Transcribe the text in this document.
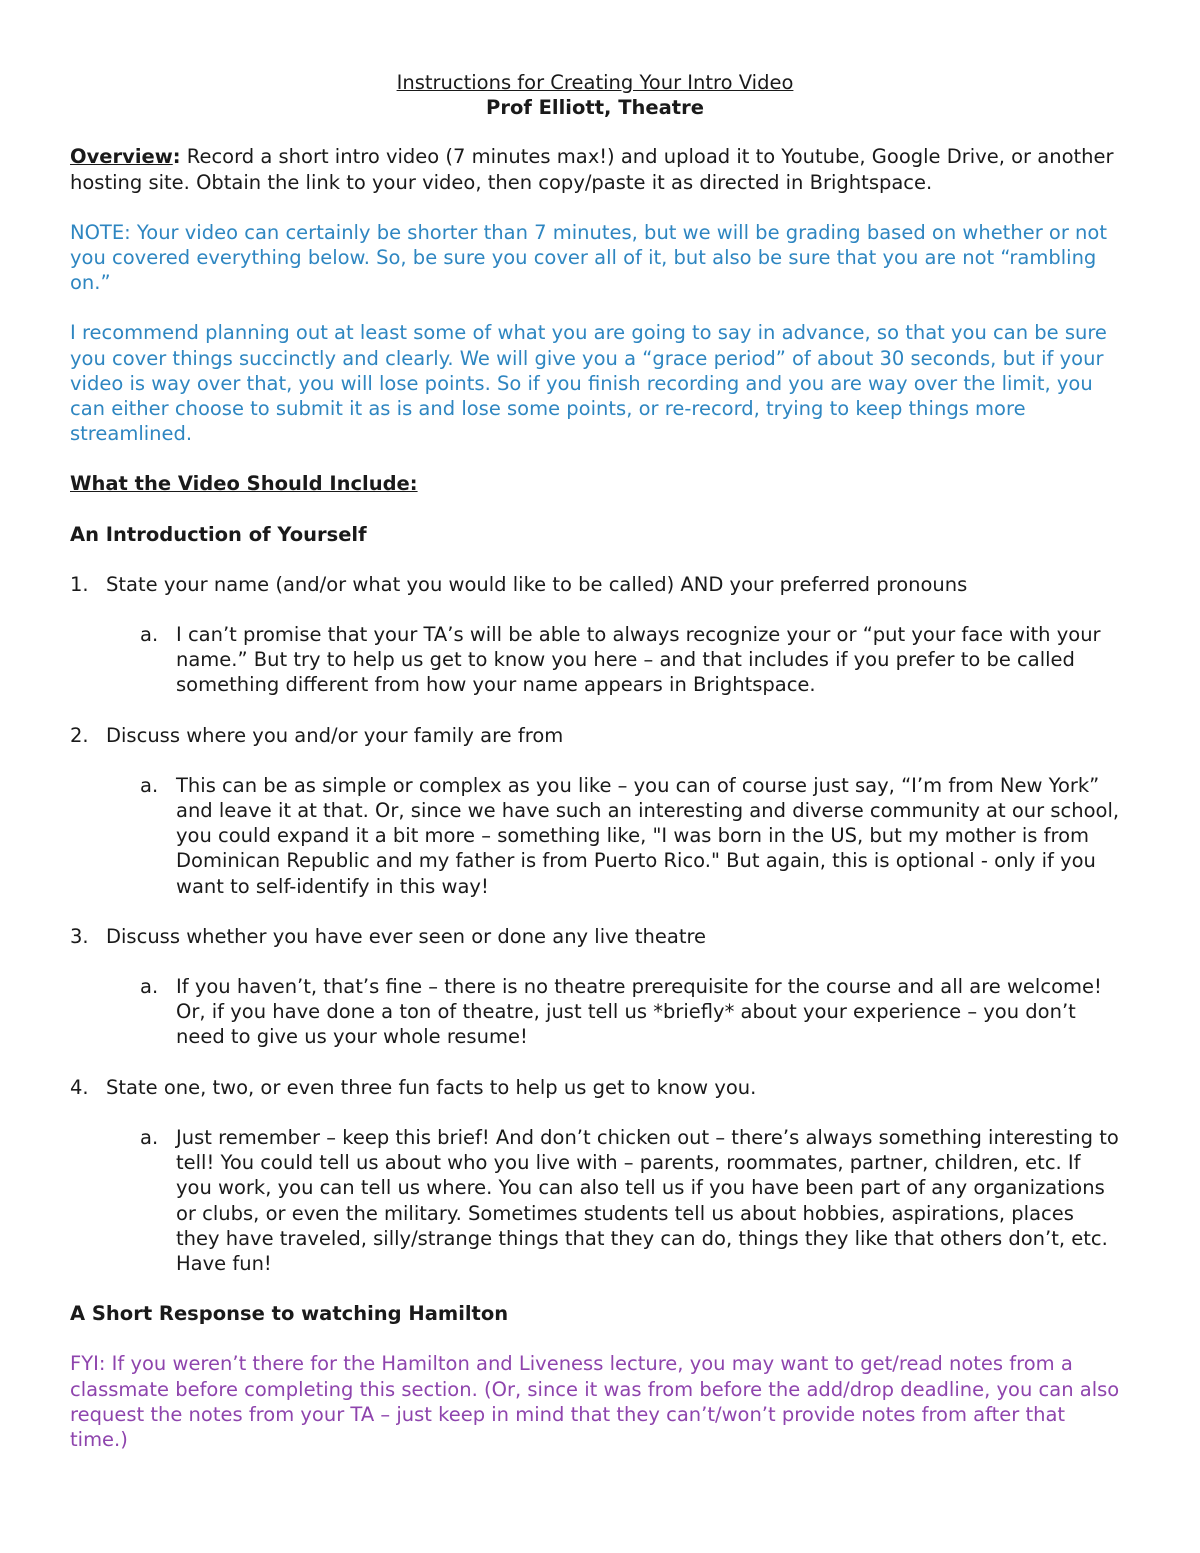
Instructions for Creating Your Intro Video
Prof Elliott, Theatre

Overview: Record a short intro video (7 minutes max!) and upload it to Youtube, Google Drive, or another hosting site. Obtain the link to your video, then copy/paste it as directed in Brightspace.

NOTE: Your video can certainly be shorter than 7 minutes, but we will be grading based on whether or not you covered everything below. So, be sure you cover all of it, but also be sure that you are not “rambling on.”

I recommend planning out at least some of what you are going to say in advance, so that you can be sure you cover things succinctly and clearly. We will give you a “grace period” of about 30 seconds, but if your video is way over that, you will lose points. So if you finish recording and you are way over the limit, you can either choose to submit it as is and lose some points, or re-record, trying to keep things more streamlined.

What the Video Should Include:
An Introduction of Yourself
1. State your name (and/or what you would like to be called) AND your preferred pronouns
a. I can’t promise that your TA’s will be able to always recognize your or “put your face with your name.” But try to help us get to know you here – and that includes if you prefer to be called something different from how your name appears in Brightspace.
2. Discuss where you and/or your family are from
a. This can be as simple or complex as you like – you can of course just say, “I’m from New York” and leave it at that. Or, since we have such an interesting and diverse community at our school, you could expand it a bit more – something like, "I was born in the US, but my mother is from Dominican Republic and my father is from Puerto Rico." But again, this is optional - only if you want to self-identify in this way!
3. Discuss whether you have ever seen or done any live theatre
a. If you haven’t, that’s fine – there is no theatre prerequisite for the course and all are welcome! Or, if you have done a ton of theatre, just tell us *briefly* about your experience – you don’t need to give us your whole resume!
4. State one, two, or even three fun facts to help us get to know you.
a. Just remember – keep this brief! And don’t chicken out – there’s always something interesting to tell! You could tell us about who you live with – parents, roommates, partner, children, etc. If you work, you can tell us where. You can also tell us if you have been part of any organizations or clubs, or even the military. Sometimes students tell us about hobbies, aspirations, places they have traveled, silly/strange things that they can do, things they like that others don’t, etc. Have fun!
A Short Response to watching Hamilton

FYI: If you weren’t there for the Hamilton and Liveness lecture, you may want to get/read notes from a classmate before completing this section. (Or, since it was from before the add/drop deadline, you can also request the notes from your TA – just keep in mind that they can’t/won’t provide notes from after that time.)
